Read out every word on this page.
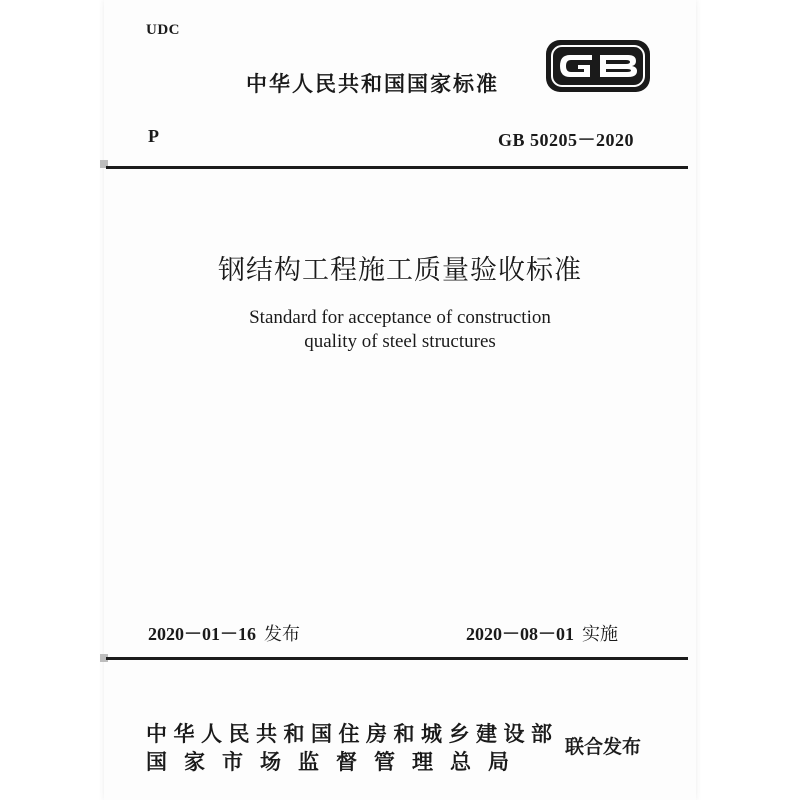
UDC
中华人民共和国国家标准
P	GB 50205－2020
钢结构工程施工质量验收标准
Standard for acceptance of construction
quality of steel structures
2020－01－16 发布	2020－08－01 实施
中华人民共和国住房和城乡建设部
国家市场监督管理总局
联合发布
